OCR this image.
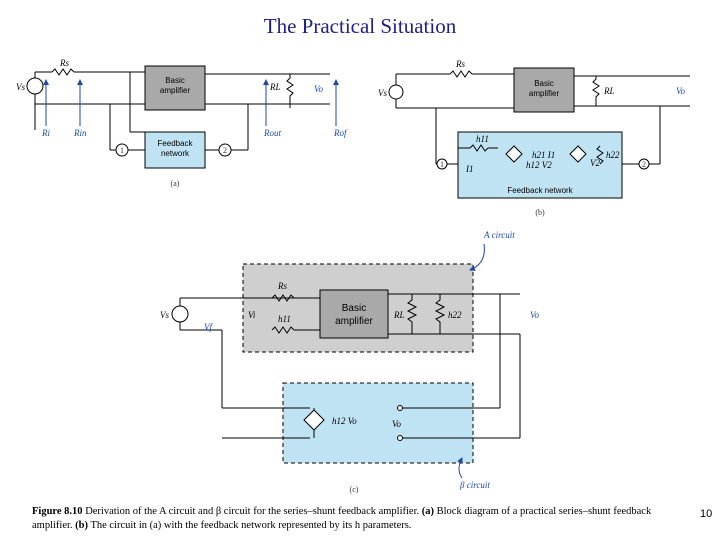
The Practical Situation
Basic
amplifier
Feedback
network
1	2
Rs
Vs	RL	Vo
Ri	Rin	Rout	Rof
(a)
Basic
amplifier
Rs
Vs	RL	Vo
h11
I1	h12 V2
h21 I1
V2
h22
1	2
Feedback network
(b)
A circuit
β circuit
Basic
amplifier
Rs
Vs	Vi
Vf
h11	RL	h22	Vo
h12 Vo	Vo
(c)
Figure 8.10 Derivation of the A circuit and β circuit for the series–shunt feedback amplifier. (a) Block diagram of a practical series–shunt feedback amplifier. (b) The circuit in (a) with the feedback network represented by its h parameters.
10
